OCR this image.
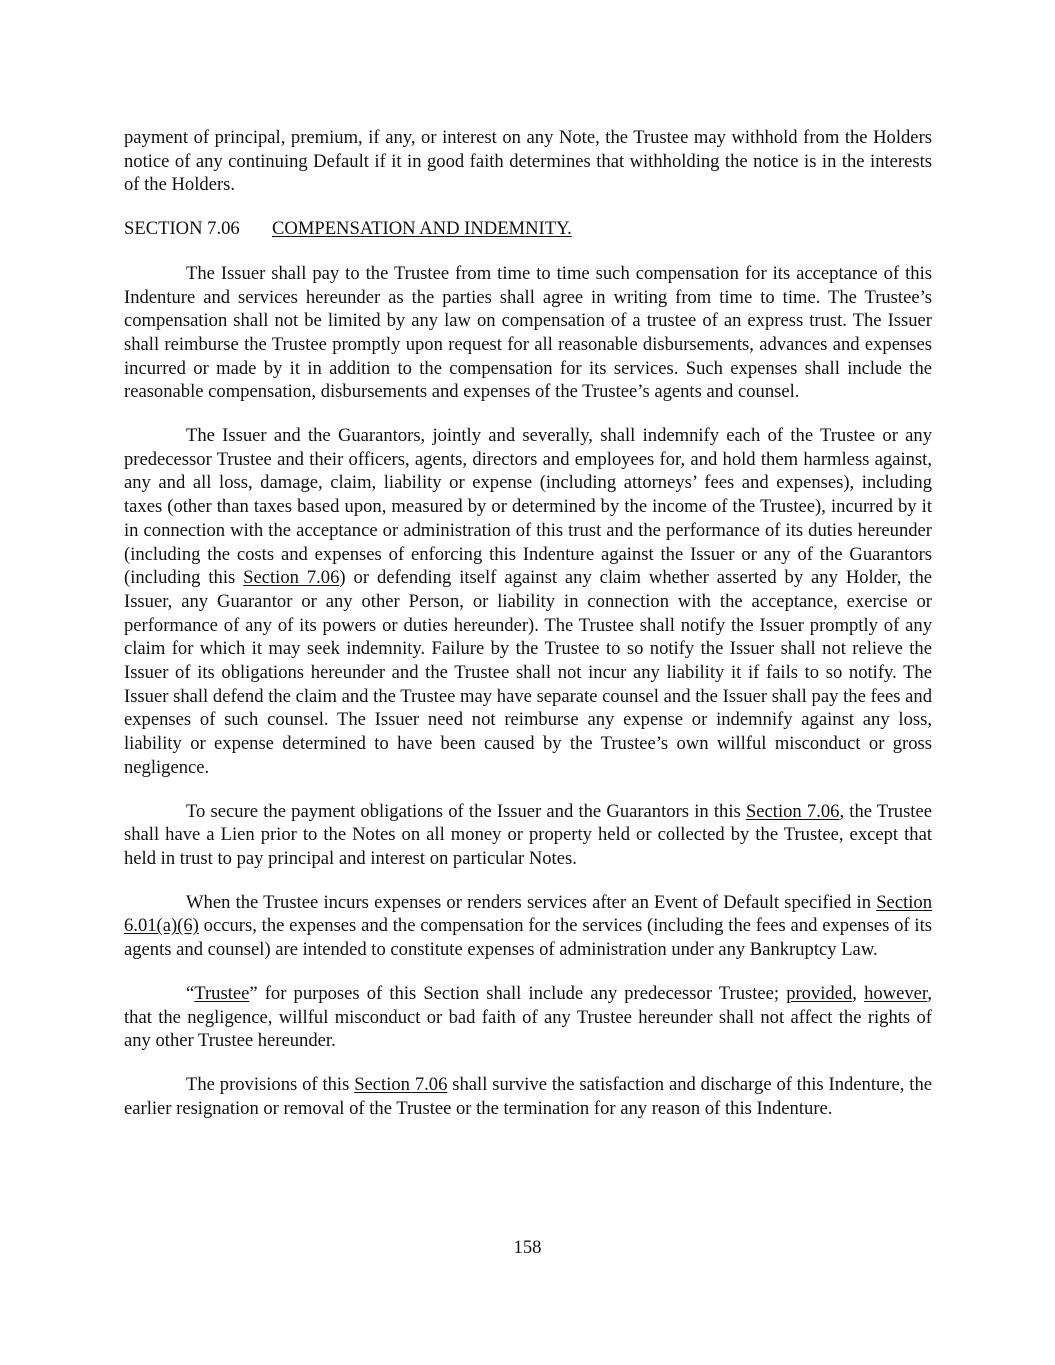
payment of principal, premium, if any, or interest on any Note, the Trustee may withhold from the Holders notice of any continuing Default if it in good faith determines that withholding the notice is in the interests of the Holders.

SECTION 7.06 COMPENSATION AND INDEMNITY.

The Issuer shall pay to the Trustee from time to time such compensation for its acceptance of this Indenture and services hereunder as the parties shall agree in writing from time to time. The Trustee’s compensation shall not be limited by any law on compensation of a trustee of an express trust. The Issuer shall reimburse the Trustee promptly upon request for all reasonable disbursements, advances and expenses incurred or made by it in addition to the compensation for its services. Such expenses shall include the reasonable compensation, disbursements and expenses of the Trustee’s agents and counsel.

The Issuer and the Guarantors, jointly and severally, shall indemnify each of the Trustee or any predecessor Trustee and their officers, agents, directors and employees for, and hold them harmless against, any and all loss, damage, claim, liability or expense (including attorneys’ fees and expenses), including taxes (other than taxes based upon, measured by or determined by the income of the Trustee), incurred by it in connection with the acceptance or administration of this trust and the performance of its duties hereunder (including the costs and expenses of enforcing this Indenture against the Issuer or any of the Guarantors (including this Section 7.06) or defending itself against any claim whether asserted by any Holder, the Issuer, any Guarantor or any other Person, or liability in connection with the acceptance, exercise or performance of any of its powers or duties hereunder). The Trustee shall notify the Issuer promptly of any claim for which it may seek indemnity. Failure by the Trustee to so notify the Issuer shall not relieve the Issuer of its obligations hereunder and the Trustee shall not incur any liability it if fails to so notify. The Issuer shall defend the claim and the Trustee may have separate counsel and the Issuer shall pay the fees and expenses of such counsel. The Issuer need not reimburse any expense or indemnify against any loss, liability or expense determined to have been caused by the Trustee’s own willful misconduct or gross negligence.

To secure the payment obligations of the Issuer and the Guarantors in this Section 7.06, the Trustee shall have a Lien prior to the Notes on all money or property held or collected by the Trustee, except that held in trust to pay principal and interest on particular Notes.

When the Trustee incurs expenses or renders services after an Event of Default specified in Section 6.01(a)(6) occurs, the expenses and the compensation for the services (including the fees and expenses of its agents and counsel) are intended to constitute expenses of administration under any Bankruptcy Law.

“Trustee” for purposes of this Section shall include any predecessor Trustee; provided, however, that the negligence, willful misconduct or bad faith of any Trustee hereunder shall not affect the rights of any other Trustee hereunder.

The provisions of this Section 7.06 shall survive the satisfaction and discharge of this Indenture, the earlier resignation or removal of the Trustee or the termination for any reason of this Indenture.

158
